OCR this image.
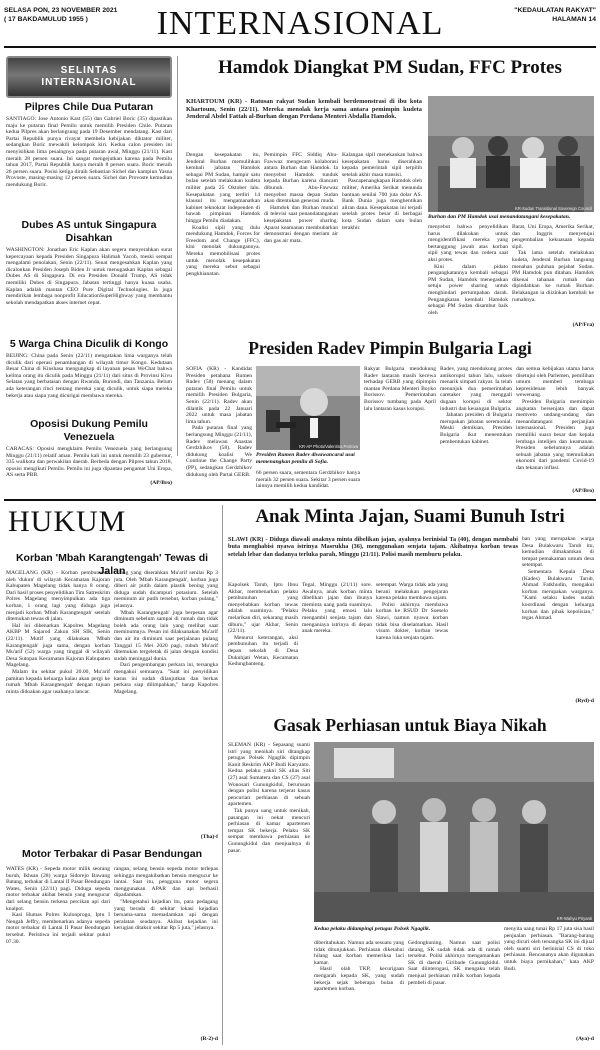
SELASA PON, 23 NOVEMBER 2021
( 17 BAKDAMULUD 1955 )	INTERNASIONAL	"KEDAULATAN RAKYAT"
HALAMAN 14
SELINTAS
INTERNASIONAL
Pilpres Chile Dua Putaran

SANTIAGO: Jose Antonio Kast (55) dan Gabriel Boric (35) dipastikan maju ke putaran final Pemilu untuk memilih Presiden Chile. Putaran kedua Pilpres akan berlangsung pada 19 Desember mendatang. Kast dari Partai Republik punya rivayat membela kebijakan diktator militer, sedangkan Boric mewakili kelompok kiri. Kedua calon presiden ini menyisihkan lima pesaingnya pada putaran awal, Minggu (21/11). Kast meraih 28 persen suara. Ini sangat mengejutkan karena pada Pemilu tahun 2017, Partai Republik hanya meraih 8 persen suara. Boric meraih 26 persen suara. Posisi ketiga diraih Sebastian Sichel dan kampiun Yasna Provoste, masing-masing 12 persen suara. Sichel dan Provoste kemudian mendukung Boric.

Dubes AS untuk Singapura Disahkan

WASHINGTON: Jonathan Eric Kaplan akan segera menyerahkan surat kepercayaan kepada Presiden Singapura Halimah Yacob, meski sempat mengalami penolakan, Senin (22/11). Senat mengesahkan Kaplan yang dicalonkan Presiden Joseph Biden Jr untuk menugaskan Kaplan sebagai Dubes AS di Singapura. Di era Presiden Donald Trump, AS tidak memiliki Dubes di Singapura. Jabatan tertinggi hanya kuasa usaha. Kaplan adalah mantan CEO Pure Digital Technologies. Ia juga mendirikan lembaga nonprofit EducationSuperHighway yang membantu sekolah mendapatkan akses internet cepat.

5 Warga China Diculik di Kongo

BEIJING: China pada Senin (22/11) mengatakan lima warganya telah diculik dari operasi penambangan di wilayah timur Kongo. Kedutaan Besar China di Kinshasa mengungkap di layanan pesan WeChat bahwa kelima orang itu diculik pada Minggu (21/11) dari situs di Provinsi Kivu Selatan yang berbatasan dengan Rwanda, Burundi, dan Tanzania. Belum ada keterangan rinci tentang mereka yang diculik, untuk siapa mereka bekerja atau siapa yang dicurigai membawa mereka.

Oposisi Dukung Pemilu Venezuela

CARACAS: Oposisi mengklaim Pemilu Venezuela yang berlangsung Minggu (21/11) relatif aman. Pemilu kali ini untuk memilih 23 gubernur, 335 walikota dan perwakilan daerah. Berbeda dengan Pilpres tahun 2018, oposisi mengikuti Pemilu. Pemilu ini juga dipantau pengamat Uni Eropa, AS serta PBB.

(AP/Bro)
Hamdok Diangkat PM Sudan, FFC Protes
KHARTOUM (KR) - Ratusan rakyat Sudan kembali berdemonstrasi di ibu kota Khartoum, Senin (22/11). Mereka menolak kerja sama antara pemimpin kudeta Jenderal Abdel Fattah al-Burhan dengan Perdana Menteri Abdalla Hamdok.
KR-Sudan Transitional Sovereign Council
Burhan dan PM Hamdok usai menandatangani kesepakatan.

Dengan kesepakatan itu, Jenderal Burhan memulihkan kembali jabatan Hamdok sebagai PM Sudan, hampir satu bulan setelah melakukan kudeta militer pada 25 Oktober lalu. Kesepakatan yang terdiri 14 klausul itu mengamanatkan kabinet teknokrat independen di bawah pimpinan Hamdok hingga Pemilu diadakan.

Koalisi sipil yang dulu mendukung Hamdok, Forces for Freedom and Change (FFC), kini menolak dukungannya. Mereka memobilisasi protes untuk menolak kesepakatan yang mereka sebut sebagai pengkhianatan.

Pemimpin FFC Siddiq Abu-Fawwaz mengecam kolaborasi antara Burhan dan Hamdok. Ia menyebut Hamdok tunduk kepada Burhan karena diancam dibunuh. Abu-Fawwaz menyebut massa depan Sudan akan ditentukan generasi muda.

Hamdok dan Burhan muncul di televisi saat penandatanganan kesepakatan power sharing. Aparat keamanan membubarkan demonstrasi dengan meriam air dan gas air mata.

Kalangan sipil menekankan bahwa kesepakatan harus diserahkan kepada pemerintah sipil terpilih setelah akhir masa transisi.

Pascapenangkapan Hamdok oleh militer, Amerika Serikat menunda bantuan senilai 700 juta dolar AS. Bank Dunia juga menghentikan aliran dana. Kesepakatan ini terjadi setelah protes besar di berbagai kota Sudan dalam satu bulan terakhir.	menyebut bahwa penyelidikan harus dilakukan untuk mengidentifikasi mereka yang bertanggung jawab atas korban sipil yang tewas dan cedera saat aksi protes.

Kini dalam pidato pengangkatannya kembali sebagai PM Sudan, Hamdok menegaskan setuju power sharing untuk menghindari pertumpahan darah. Pengangkatan kembali Hamdok sebagai PM Sudan disambut baik oleh

Barat, Uni Eropa, Amerika Serikat, dan Inggris menyetujui pengembalian kekuasaan kepada sipil.

Tak lama setelah melakukan kudeta, Jenderal Burhan langsung menahan puluhan pejabat Sudan. PM Hamdok pun ditahan. Hamdok dikenai tahanan rumah dan dipindahkan ke rumah Burhan. Belakangan ia diizinkan kembali ke rumahnya.

(AP/Fra)
Presiden Radev Pimpin Bulgaria Lagi

SOFIA (KR) - Kandidat Presiden petahana Rumen Radev (58) menang dalam putaran final Pemilu untuk memilih Presiden Bulgaria, Senin (22/11). Radev akan dilantik pada 22 Januari 2022 untuk masa jabatan lima tahun.

Pada putaran final yang berlangsung Minggu (21/11), Radev melawan Anastas Gerdzhikov (58). Radev didukung koalisi We Continue the Change Party (PP), sedangkan Gerdzhikov didukung oleh Partai GERB.

KR-AP Photo/Valentina Petrova
Presiden Rumen Radev diwawancarai usai memenangkan pemilu di Sofia.

66 persen suara, sementara Gerdzhikov hanya meraih 32 persen suara. Sekitar 3 persen suara lainnya memilih kedua kandidat.

Rakyat Bulgaria mendukung Radev lantaran masih kecewa terhadap GERB yang dipimpin mantan Perdana Menteri Boyko Borissov. Pemerintahan Borissov tumbang pada April lalu lantaran kasus korupsi.

Radev, yang mendukung protes antikorupsi tahun lalu, sukses menarik simpati rakyat. Ia telah menunjuk dua pemerintahan caretaker yang menggali dugaan korupsi di sektor industri dan keuangan Bulgaria.

Jabatan presiden di Bulgaria merupakan jabatan seremonial. Meski demikian, Presiden Bulgaria ikut menentukan pembentukan kabinet.

dan semua kebijakan utama harus disetujui oleh Parlemen, pemilihan umum memberi tembaga kepresidenan lebih banyak wewenang.

Presiden Bulgaria memimpin angkatan bersenjata dan dapat memveto undang-undang dan menandatangani perjanjian internasional. Presiden juga memiliki suara besar dan kepala lembaga intelijen dan keamanan. Presiden sebelumnya adalah sebuah jabatan yang memuliakan ekonomi dari pandemi Covid-19 dan tekanan inflasi.

(AP/Bro)
HUKUM
Korban 'Mbah Karangtengah' Tewas di Jalan

MAGELANG (KR) - Korban pembunuhan oleh 'dukun' di wilayah Kecamatan Kajoran Kabupaten Magelang tidak hanya 8 orang. Dari hasil proses penyelidikan Tim Satreskrim Polres Magelang menyimpulkan ada tiga korban, 1 orang lagi yang diduga juga menjadi korban 'Mbah Karangtengah' setelah ditemukan tewas di jalan.

Hal ini dibenarkan Kapolres Magelang AKBP M Sajarod Zakun SH SIK, Senin (22/11). Mutif yang dilakukan 'Mbah Karangtengah' juga sama, dengan korban Mu'arif (52) warga yang tinggal di wilayah Desa Sutopan Kecamatan Kajoran Kabupaten Magelang.

Malam itu sekitar pukul 20.00, Mu'arif pamitan kepada keluarga kalau akan pergi ke rumah 'Mbah Karangtengah' dengan tujuan minta didoakan agar usahanya lancar.

"Uang yang diserahkan Mu'arif senilai Rp 3 juta. Oleh 'Mbah Karangtengah', korban juga diberi air putih dalam plastik bening yang diduga sudah dicampuri potasium. Setelah meminum air putih tersebut, korban pulang," jelasnya.

'Mbah Karangtengah' juga berpesan agar diminum sebelum sampai di rumah dan tidak boleh ada orang lain yang melihat saat meminumnya. Pesan ini dilaksanakan Mu'arif dan air itu diminum saat perjalanan pulang Tanggal 15 Mei 2020 pagi, tubuh Mu'arif ditemukan tergeletak di jalan dengan kondisi sudah meninggal dunia.

Dari pengembangan perkara ini, tersangka mengakui semuanya. "Saat ini penyidikan kasus ini sudah dilanjutkan dan berkas perkara siap dilimpahkan," harap Kapolres Magelang.

(Tha)-f
Motor Terbakar di Pasar Bendungan

WATES (KR) - Sepeda motor milik seorang buruh, Ikhsan (28) warga Sidorejo Bawang Batang, terbakar di Lantai II Pasar Bendungan Wates, Senin (22/11) pagi. Diduga sepeda motor terbakar akibat bensin yang mengucur dari selang bensin terkena percikan api dari knalpot.

Kasi Humas Polres Kulonprogo, Iptu I Nengah Jeffry, membenarkan adanya sepeda motor terbakar di Lantai II Pasar Bendungan tersebut. Peristiwa ini terjadi sekitar pukul 07.30.

rangan, selang bensin sepeda motor terlepas sehingga mengakibatkan bensin mengucur ke lantai. Saat itu, pengguna motor segera menggunakan APAR dan api berhasil dipadamkan.

"Mengetahui kejadian itu, para pedagang yang berada di sekitar lokasi kejadian bersama-sama memadamkan api dengan peralatan seadanya. Akibat kejadian ini kerugian ditaksir sekitar Rp 5 juta," jelasnya.

(R-2)-d
Anak Minta Jajan, Suami Bunuh Istri
SLAWI (KR) - Diduga diawali anaknya minta dibelikan jajan, ayahnya berinisial Ta (40), dengan membabi buta menghabisi nyawa istrinya Masrukha (36), menggunakan senjata tajam. Akibatnya korban tewas setelah lebar dan dadanya terluka parah, Minggu (21/11). Polisi masih memburu pelaku.

Kapolsek Tarub, Iptu Ibnu Akbar, membenarkan pelaku pembunuhan yang menyebabkan korban tewas adalah suaminya. "Pelaku melarikan diri, sekarang masih diburu," ujar Akbar, Senin (22/11).

Menurut keterangan, aksi pembunuhan itu terjadi di depan sekolah di Desa Dukuhjati Wetan, Kecamatan Kedungbanteng.

Tegal, Minggu (21/11) sore. Awalnya, anak korban minta dibelikan jajan dan ibunya meminta uang pada suaminya. Pelaku yang emosi lalu mengambil senjata tajam dan menganiaya istrinya di depan anak mereka.

setempat. Warga tidak ada yang berani melakukan pengejaran karena pelaku membawa sajam.

Polisi akhirnya membawa korban ke RSUD Dr Soeselo Slawi, namun nyawa korban tidak bisa diselamatkan. Hasil visum dokter, korban tewas karena luka senjata tajam.

ban yang merupakan warga Desa Bulakwaru Tarub itu, kemudian dimakamkan di tempat pemakaman umum desa setempat.

Sementara Kepala Desa (Kades) Bulakwaru Tarub, Ahmad Fatkhudin, mengakui korban merupakan warganya. "Kami selaku kades sudah koordinasi dengan keluarga korban dan pihak kepolisian," tegas Ahmad.

(Ryd)-d
Gasak Perhiasan untuk Biaya Nikah

SLEMAN (KR) - Sepasang suami istri yang menikah siri ditangkap petugas Polsek Ngaglik dipimpin Kanit Reskrim AKP Budi Karyanto. Kedua pelaku yakni SK alias Siti (27) asal Sumatera dan CS (27) asal Wonosari Gunungkidul, berurusan dengan polisi karena terjerat kasus pencurian perhiasan di sebuah apartemen.

Tak punya uang untuk menikah, pasangan ini nekat mencuri perhiasan di kamar apartemen tempat SK bekerja. Pelaku SK sempat membawa perhiasan ke Gunungkidul dan menjualnya di pasar.

KR-Wahyu Priyanti
Kedua pelaku didampingi petugas Polsek Ngaglik.

diberitahukan. Namun ada sesuatu yang tidak ditunjukkan. Perhiasan diketahui hilang saat korban memeriksa laci kamar.

Hasil olah TKP, kecurigaan mengarah kepada SK, yang sudah bekerja sejak beberapa bulan di apartemen korban.

Gedongkuning. Namun saat polisi datang, SK sudah tidak ada di rumah tersebut. Polisi akhirnya mengamankan SK di daerah Giribade Gunungkidul. Saat diinterogasi, SK mengaku telah menjual perhiasan milik korban kepada pembeli di pasar.

menyita uang tunai Rp 17 juta sisa hasil penjualan perhiasan. "Barang-barang yang dicuri oleh tersangka SK ini dijual oleh suami siri berinisial CS di toko perhiasan. Rencananya akan digunakan untuk biaya pernikahan," kata AKP Budi.

(Aya)-d
